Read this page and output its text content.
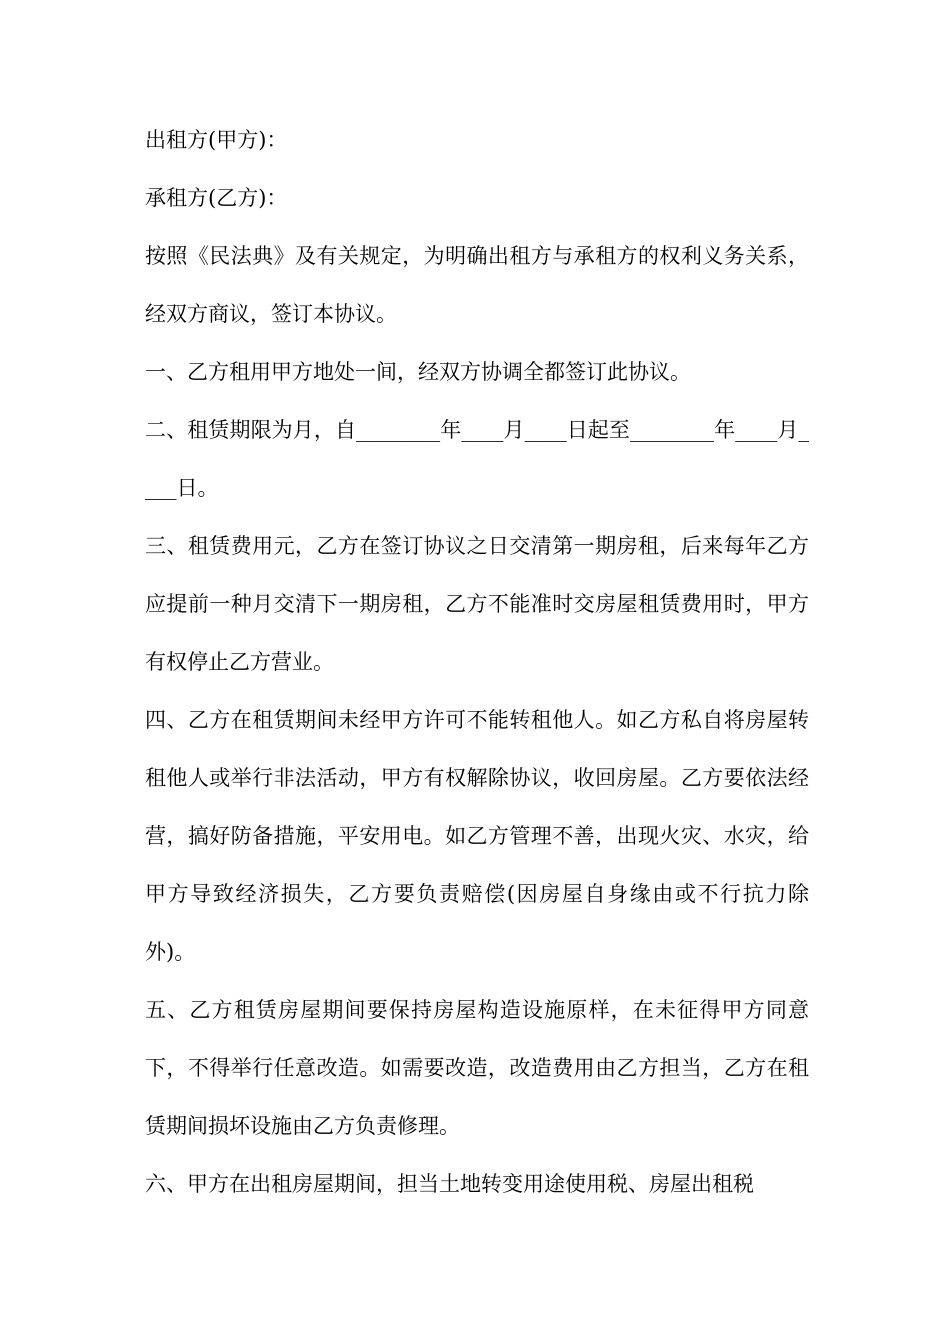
出租方(甲方)：

承租方(乙方)：

按照《民法典》及有关规定，为明确出租方与承租方的权利义务关系，经双方商议，签订本协议。

一、乙方租用甲方地处一间，经双方协调全都签订此协议。

二、租赁期限为月，自________年____月____日起至________年____月____日。

三、租赁费用元，乙方在签订协议之日交清第一期房租，后来每年乙方应提前一种月交清下一期房租，乙方不能准时交房屋租赁费用时，甲方有权停止乙方营业。

四、乙方在租赁期间未经甲方许可不能转租他人。如乙方私自将房屋转租他人或举行非法活动，甲方有权解除协议，收回房屋。乙方要依法经营，搞好防备措施，平安用电。如乙方管理不善，出现火灾、水灾，给甲方导致经济损失，乙方要负责赔偿(因房屋自身缘由或不行抗力除外)。

五、乙方租赁房屋期间要保持房屋构造设施原样，在未征得甲方同意下，不得举行任意改造。如需要改造，改造费用由乙方担当，乙方在租赁期间损坏设施由乙方负责修理。

六、甲方在出租房屋期间，担当土地转变用途使用税、房屋出租税
